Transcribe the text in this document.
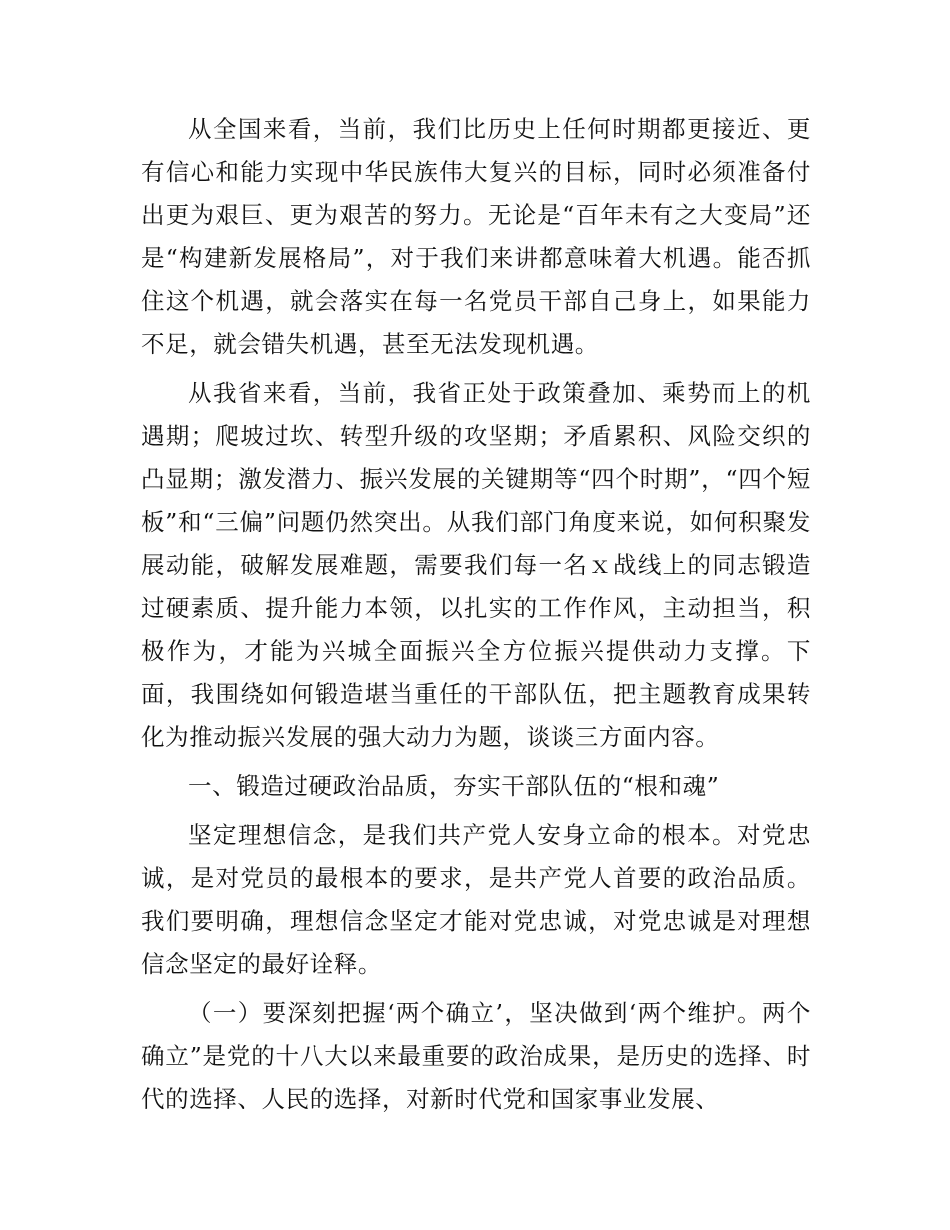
从全国来看，当前，我们比历史上任何时期都更接近、更有信心和能力实现中华民族伟大复兴的目标，同时必须准备付出更为艰巨、更为艰苦的努力。无论是“百年未有之大变局”还是“构建新发展格局”，对于我们来讲都意味着大机遇。能否抓住这个机遇，就会落实在每一名党员干部自己身上，如果能力不足，就会错失机遇，甚至无法发现机遇。

从我省来看，当前，我省正处于政策叠加、乘势而上的机遇期；爬坡过坎、转型升级的攻坚期；矛盾累积、风险交织的凸显期；激发潜力、振兴发展的关键期等“四个时期”，“四个短板”和“三偏”问题仍然突出。从我们部门角度来说，如何积聚发展动能，破解发展难题，需要我们每一名ｘ战线上的同志锻造过硬素质、提升能力本领，以扎实的工作作风，主动担当，积极作为，才能为兴城全面振兴全方位振兴提供动力支撑。下面，我围绕如何锻造堪当重任的干部队伍，把主题教育成果转化为推动振兴发展的强大动力为题，谈谈三方面内容。

一、锻造过硬政治品质，夯实干部队伍的“根和魂”

坚定理想信念，是我们共产党人安身立命的根本。对党忠诚，是对党员的最根本的要求，是共产党人首要的政治品质。我们要明确，理想信念坚定才能对党忠诚，对党忠诚是对理想信念坚定的最好诠释。

（一）要深刻把握‘两个确立’，坚决做到‘两个维护。两个确立”是党的十八大以来最重要的政治成果，是历史的选择、时代的选择、人民的选择，对新时代党和国家事业发展、
